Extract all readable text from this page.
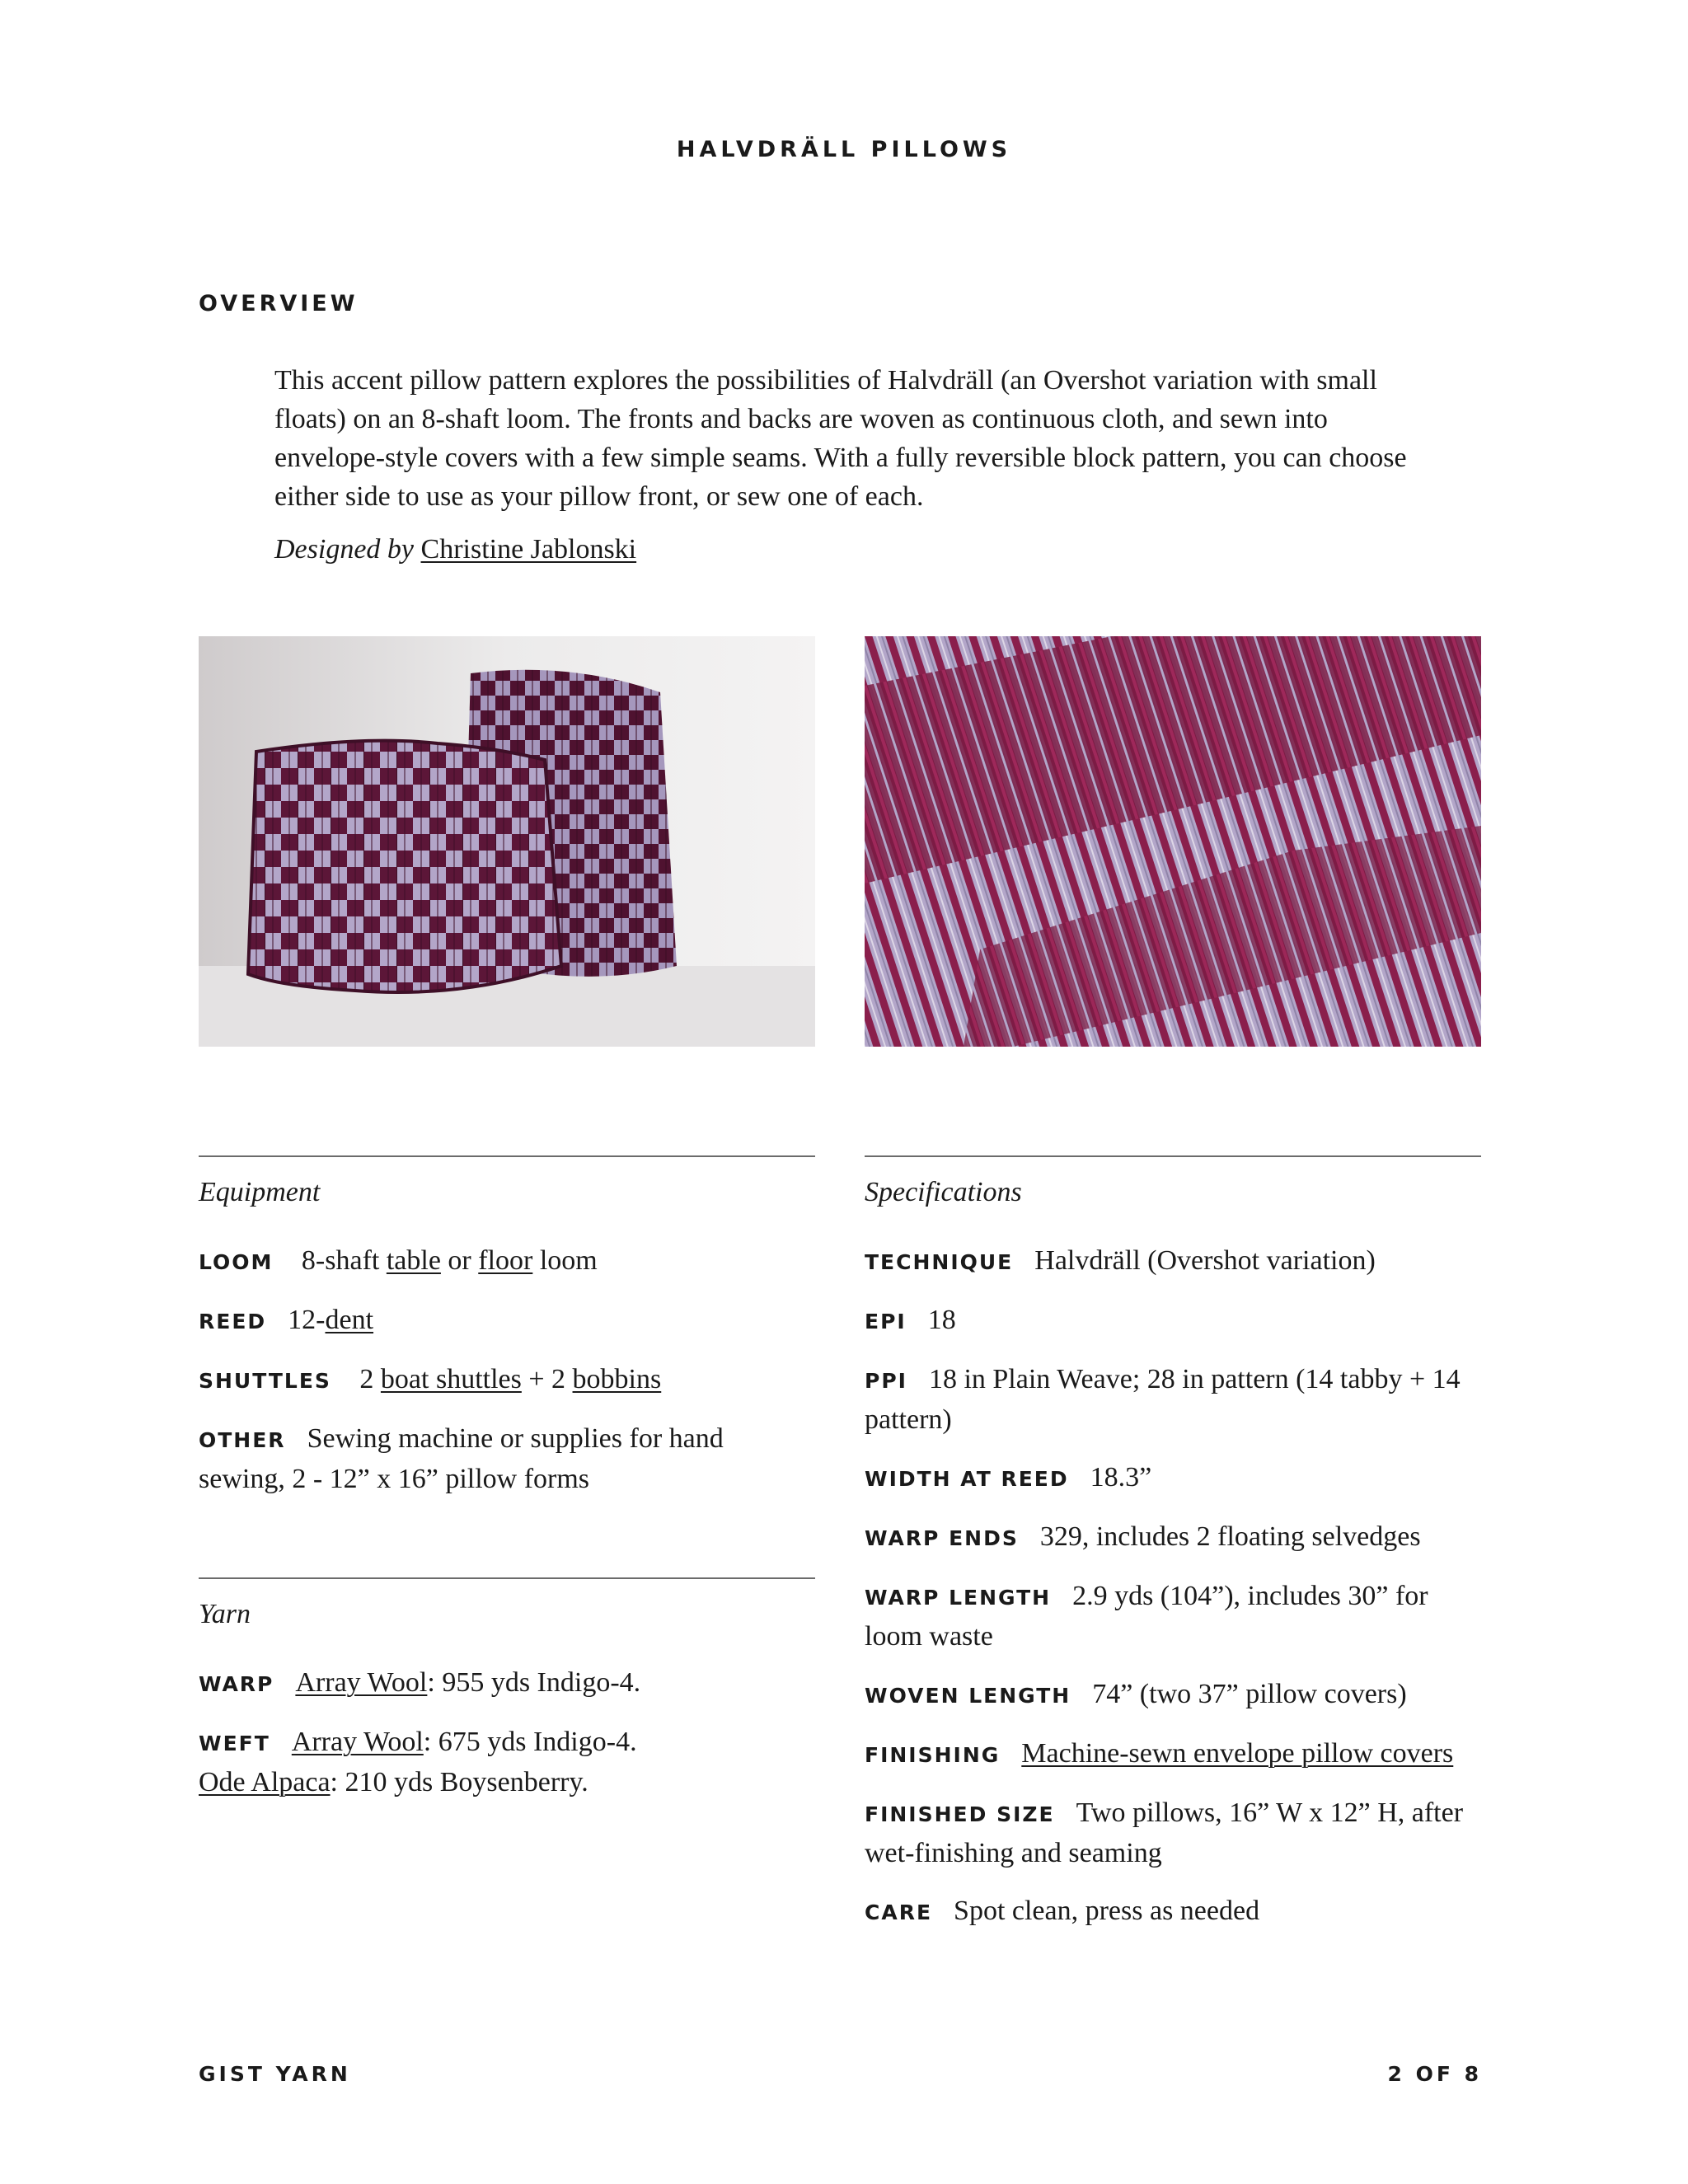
HALVDRÄLL PILLOWS
OVERVIEW

This accent pillow pattern explores the possibilities of Halvdräll (an Overshot variation with small floats) on an 8-shaft loom. The fronts and backs are woven as continuous cloth, and sewn into envelope-style covers with a few simple seams. With a fully reversible block pattern, you can choose either side to use as your pillow front, or sew one of each.

Designed by Christine Jablonski
Equipment
LOOM 8-shaft table or floor loom
REED 12-dent
SHUTTLES 2 boat shuttles + 2 bobbins
OTHER Sewing machine or supplies for hand sewing, 2 - 12” x 16” pillow forms
Yarn
WARP Array Wool: 955 yds Indigo-4.
WEFT Array Wool: 675 yds Indigo-4.
Ode Alpaca: 210 yds Boysenberry.
Specifications
TECHNIQUE Halvdräll (Overshot variation)
EPI 18
PPI 18 in Plain Weave; 28 in pattern (14 tabby + 14 pattern)
WIDTH AT REED 18.3”
WARP ENDS 329, includes 2 floating selvedges
WARP LENGTH 2.9 yds (104”), includes 30” for loom waste
WOVEN LENGTH 74” (two 37” pillow covers)
FINISHING Machine-sewn envelope pillow covers
FINISHED SIZE Two pillows, 16” W x 12” H, after wet-finishing and seaming
CARE Spot clean, press as needed
GIST YARN	2 OF 8
